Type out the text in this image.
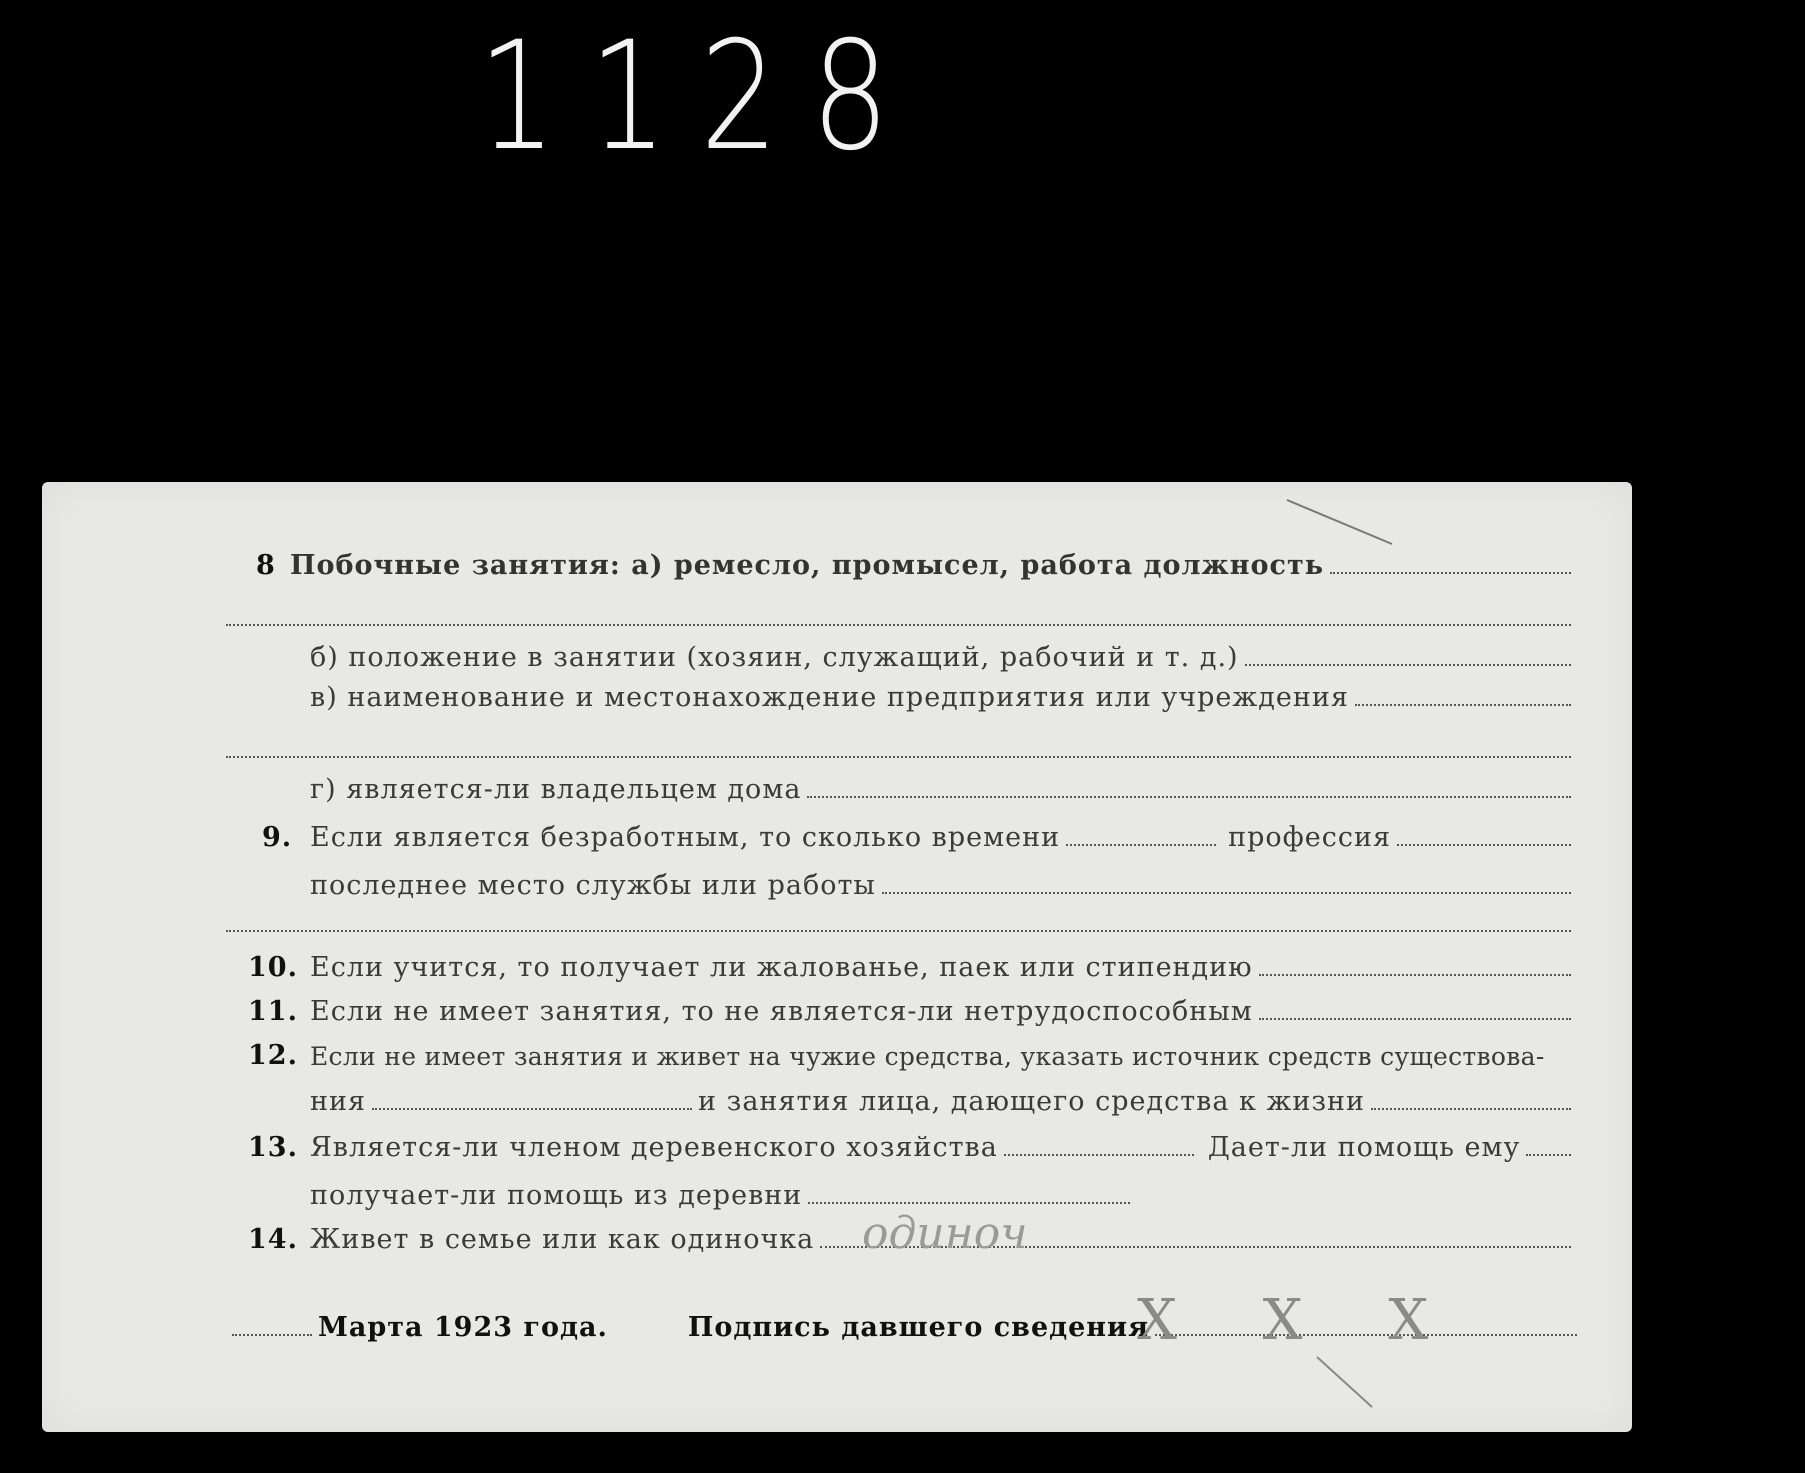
1128
8 Побочные занятия: а) ремесло, промысел, работа должность
б) положение в занятии (хозяин, служащий, рабочий и т. д.)
в) наименование и местонахождение предприятия или учреждения
г) является-ли владельцем дома
9. Если является безработным, то сколько времени	профессия
последнее место службы или работы
10. Если учится, то получает ли жалованье, паек или стипендию
11. Если не имеет занятия, то не является-ли нетрудоспособным
12. Если не имеет занятия и живет на чужие средства, указать источник средств существова-
ния	и занятия лица, дающего средства к жизни
13. Является-ли членом деревенского хозяйства	Дает-ли помощь ему
получает-ли помощь из деревни
14. Живет в семье или как одиночка одиноч
Марта 1923 года.	Подпись давшего сведения
Х Х Х
